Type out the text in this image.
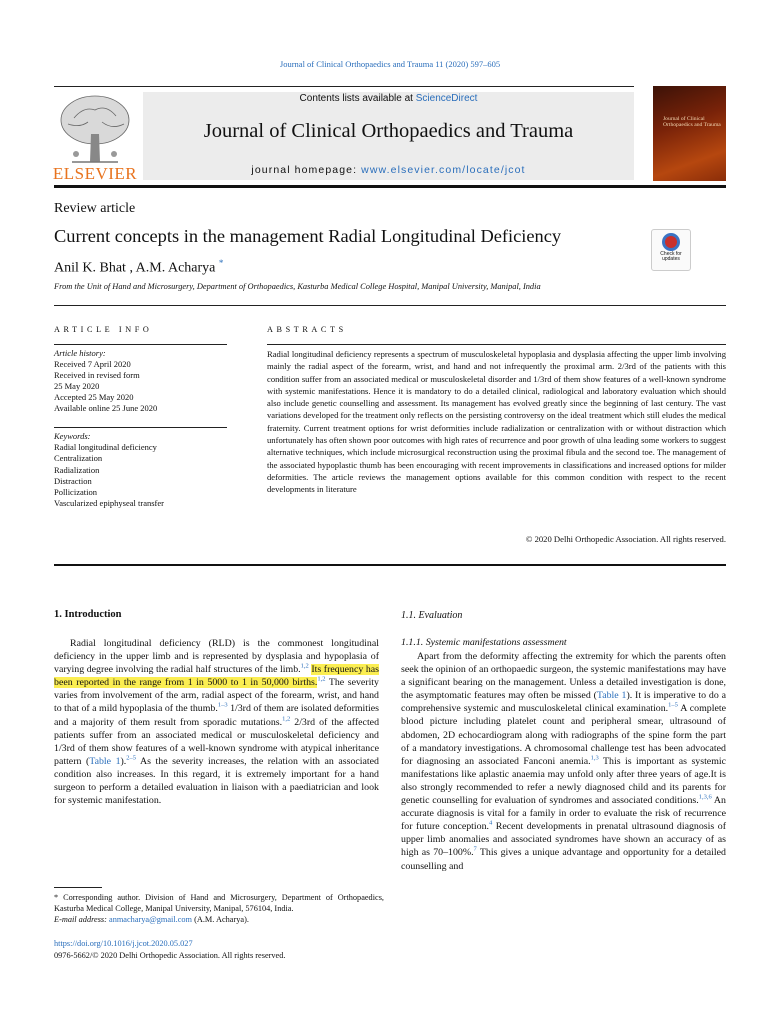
Journal of Clinical Orthopaedics and Trauma 11 (2020) 597–605
ELSEVIER
Contents lists available at ScienceDirect
Journal of Clinical Orthopaedics and Trauma
journal homepage: www.elsevier.com/locate/jcot
Journal of Clinical Orthopaedics and Trauma
Review article
Current concepts in the management Radial Longitudinal Deficiency
Anil K. Bhat , A.M. Acharya *
From the Unit of Hand and Microsurgery, Department of Orthopaedics, Kasturba Medical College Hospital, Manipal University, Manipal, India
Check for updates
ARTICLE INFO	ABSTRACTS
Article history:
Received 7 April 2020
Received in revised form
25 May 2020
Accepted 25 May 2020
Available online 25 June 2020
Keywords:
Radial longitudinal deficiency
Centralization
Radialization
Distraction
Pollicization
Vascularized epiphyseal transfer
Radial longitudinal deficiency represents a spectrum of musculoskeletal hypoplasia and dysplasia affecting the upper limb involving mainly the radial aspect of the forearm, wrist, and hand and not infrequently the proximal arm. 2/3rd of the patients with this condition suffer from an associated medical or musculoskeletal disorder and 1/3rd of them show features of a well-known syndrome with systemic manifestations. Hence it is mandatory to do a detailed clinical, radiological and laboratory evaluation which should also include genetic counselling and assessment. Its management has evolved greatly since the beginning of last century. The vast variations developed for the treatment only reflects on the persisting controversy on the ideal treatment which still eludes the medical fraternity. Current treatment options for wrist deformities include radialization or centralization with or without distraction which unfortunately has often shown poor outcomes with high rates of recurrence and poor growth of ulna leading some workers to suggest alternative techniques, which include microsurgical reconstruction using the proximal fibula and the second toe. The management of the associated hypoplastic thumb has been encouraging with recent improvements in classifications and increased options for milder deformities. The article reviews the management options available for this common condition with respect to the recent developments in literature
© 2020 Delhi Orthopedic Association. All rights reserved.
1. Introduction

Radial longitudinal deficiency (RLD) is the commonest longitudinal deficiency in the upper limb and is represented by dysplasia and hypoplasia of varying degree involving the radial half structures of the limb.$^{1,2}$ Its frequency has been reported in the range from 1 in 5000 to 1 in 50,000 births.$^{1,2}$ The severity varies from involvement of the arm, radial aspect of the forearm, wrist, and hand to that of a mild hypoplasia of the thumb.$^{1-3}$ 1/3rd of them are isolated deformities and a majority of them result from sporadic mutations.$^{1,2}$ 2/3rd of the affected patients suffer from an associated medical or musculoskeletal deficiency and 1/3rd of them show features of a well-known syndrome with atypical inheritance pattern (Table 1).$^{2-5}$ As the severity increases, the relation with an associated condition also increases. In this regard, it is extremely important for a hand surgeon to perform a detailed evaluation in liaison with a paediatrician and look for systemic manifestation.

1.1. Evaluation
1.1.1. Systemic manifestations assessment

Apart from the deformity affecting the extremity for which the parents often seek the opinion of an orthopaedic surgeon, the systemic manifestations may have a significant bearing on the management. Unless a detailed investigation is done, the asymptomatic features may often be missed (Table 1). It is imperative to do a comprehensive systemic and musculoskeletal clinical examination.$^{1-5}$ A complete blood picture including platelet count and peripheral smear, ultrasound of abdomen, 2D echocardiogram along with radiographs of the spine form the part of a mandatory investigations. A chromosomal challenge test has been advocated for diagnosing an associated Fanconi anemia.$^{1,3}$ This is important as systemic manifestations like aplastic anaemia may unfold only after three years of age.It is also strongly recommended to refer a newly diagnosed child and its parents for genetic counselling for evaluation of syndromes and associated conditions.$^{1,3,6}$ An accurate diagnosis is vital for a family in order to evaluate the risk of recurrence for future conception.$^4$ Recent developments in prenatal ultrasound diagnosis of upper limb anomalies and associated syndromes have shown an accuracy of as high as 70–100%.$^7$ This gives a unique advantage and opportunity for a detailed counselling and

* Corresponding author. Division of Hand and Microsurgery, Department of Orthopaedics, Kasturba Medical College, Manipal University, Manipal, 576104, India.
E-mail address: anmacharya@gmail.com (A.M. Acharya).
https://doi.org/10.1016/j.jcot.2020.05.027
0976-5662/© 2020 Delhi Orthopedic Association. All rights reserved.
